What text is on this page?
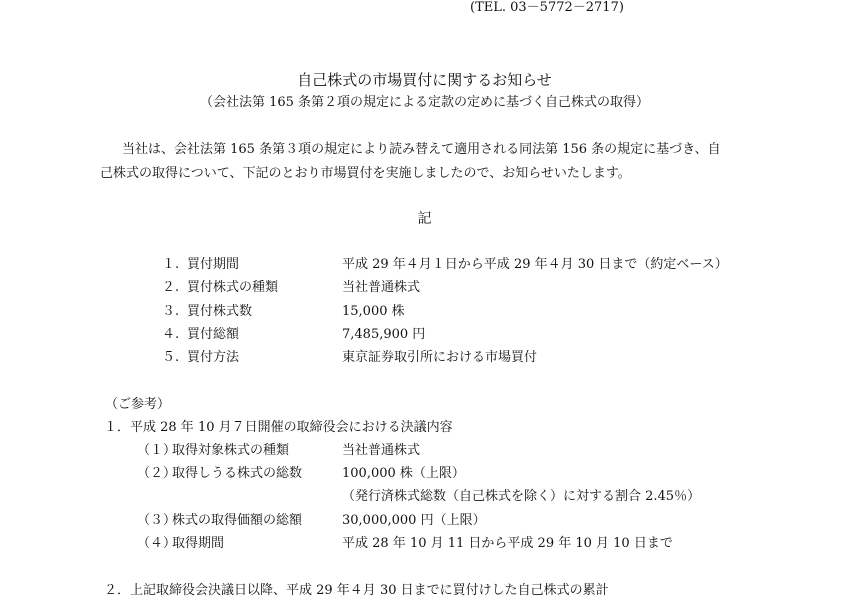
(TEL. 03－5772－2717)
自己株式の市場買付に関するお知らせ
（会社法第 165 条第２項の規定による定款の定めに基づく自己株式の取得）
当社は、会社法第 165 条第３項の規定により読み替えて適用される同法第 156 条の規定に基づき、自
己株式の取得について、下記のとおり市場買付を実施しましたので、お知らせいたします。
記
１. 買付期間	平成 29 年４月１日から平成 29 年４月 30 日まで（約定ベース）
２. 買付株式の種類	当社普通株式
３. 買付株式数	15,000 株
４. 買付総額	7,485,900 円
５. 買付方法	東京証券取引所における市場買付
（ご参考）
１．平成 28 年 10 月７日開催の取締役会における決議内容
（１）
取得対象株式の種類	当社普通株式
（２）
取得しうる株式の総数	100,000 株（上限）
（発行済株式総数（自己株式を除く）に対する割合 2.45％）
（３）
株式の取得価額の総額	30,000,000 円（上限）
（４）
取得期間	平成 28 年 10 月 11 日から平成 29 年 10 月 10 日まで
２．上記取締役会決議日以降、平成 29 年４月 30 日までに買付けした自己株式の累計
